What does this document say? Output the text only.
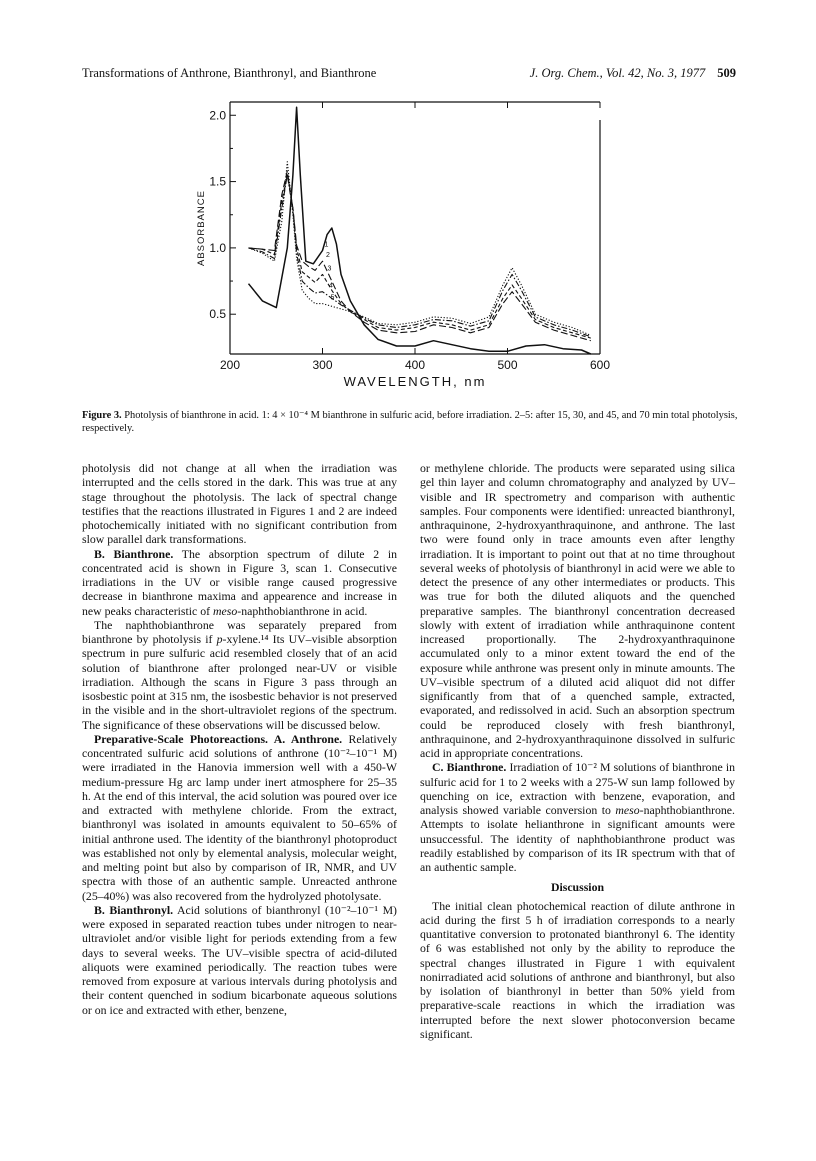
Transformations of Anthrone, Bianthronyl, and Bianthrone	J. Org. Chem., Vol. 42, No. 3, 1977 509
2.0
1.5
1.0
0.5
200	300	400	500	600
1
2
3
4
5
ABSORBANCE
WAVELENGTH, nm
Figure 3. Photolysis of bianthrone in acid. 1: 4 × 10⁻⁴ M bianthrone in sulfuric acid, before irradiation. 2–5: after 15, 30, and 45, and 70 min total photolysis, respectively.

photolysis did not change at all when the irradiation was interrupted and the cells stored in the dark. This was true at any stage throughout the photolysis. The lack of spectral change testifies that the reactions illustrated in Figures 1 and 2 are indeed photochemically initiated with no significant contribution from slow parallel dark transformations.

B. Bianthrone. The absorption spectrum of dilute 2 in concentrated acid is shown in Figure 3, scan 1. Consecutive irradiations in the UV or visible range caused progressive decrease in bianthrone maxima and appearence and increase in new peaks characteristic of meso-naphthobianthrone in acid.

The naphthobianthrone was separately prepared from bianthrone by photolysis if p-xylene.¹⁴ Its UV–visible absorption spectrum in pure sulfuric acid resembled closely that of an acid solution of bianthrone after prolonged near-UV or visible irradiation. Although the scans in Figure 3 pass through an isosbestic point at 315 nm, the isosbestic behavior is not preserved in the visible and in the short-ultraviolet regions of the spectrum. The significance of these observations will be discussed below.

Preparative-Scale Photoreactions. A. Anthrone. Relatively concentrated sulfuric acid solutions of anthrone (10⁻²–10⁻¹ M) were irradiated in the Hanovia immersion well with a 450-W medium-pressure Hg arc lamp under inert atmosphere for 25–35 h. At the end of this interval, the acid solution was poured over ice and extracted with methylene chloride. From the extract, bianthronyl was isolated in amounts equivalent to 50–65% of initial anthrone used. The identity of the bianthronyl photoproduct was established not only by elemental analysis, molecular weight, and melting point but also by comparison of IR, NMR, and UV spectra with those of an authentic sample. Unreacted anthrone (25–40%) was also recovered from the hydrolyzed photolysate.

B. Bianthronyl. Acid solutions of bianthronyl (10⁻²–10⁻¹ M) were exposed in separated reaction tubes under nitrogen to near-ultraviolet and/or visible light for periods extending from a few days to several weeks. The UV–visible spectra of acid-diluted aliquots were examined periodically. The reaction tubes were removed from exposure at various intervals during photolysis and their content quenched in sodium bicarbonate aqueous solutions or on ice and extracted with ether, benzene,

or methylene chloride. The products were separated using silica gel thin layer and column chromatography and analyzed by UV–visible and IR spectrometry and comparison with authentic samples. Four components were identified: unreacted bianthronyl, anthraquinone, 2-hydroxyanthraquinone, and anthrone. The last two were found only in trace amounts even after lengthy irradiation. It is important to point out that at no time throughout several weeks of photolysis of bianthronyl in acid were we able to detect the presence of any other intermediates or products. This was true for both the diluted aliquots and the quenched preparative samples. The bianthronyl concentration decreased slowly with extent of irradiation while anthraquinone content increased proportionally. The 2-hydroxyanthraquinone accumulated only to a minor extent toward the end of the exposure while anthrone was present only in minute amounts. The UV–visible spectrum of a diluted acid aliquot did not differ significantly from that of a quenched sample, extracted, evaporated, and redissolved in acid. Such an absorption spectrum could be reproduced closely with fresh bianthronyl, anthraquinone, and 2-hydroxyanthraquinone dissolved in sulfuric acid in appropriate concentrations.

C. Bianthrone. Irradiation of 10⁻² M solutions of bianthrone in sulfuric acid for 1 to 2 weeks with a 275-W sun lamp followed by quenching on ice, extraction with benzene, evaporation, and analysis showed variable conversion to meso-naphthobianthrone. Attempts to isolate helianthrone in significant amounts were unsuccessful. The identity of naphthobianthrone product was readily established by comparison of its IR spectrum with that of an authentic sample.

Discussion

The initial clean photochemical reaction of dilute anthrone in acid during the first 5 h of irradiation corresponds to a nearly quantitative conversion to protonated bianthronyl 6. The identity of 6 was established not only by the ability to reproduce the spectral changes illustrated in Figure 1 with equivalent nonirradiated acid solutions of anthrone and bianthronyl, but also by isolation of bianthronyl in better than 50% yield from preparative-scale reactions in which the irradiation was interrupted before the next slower photoconversion became significant.
